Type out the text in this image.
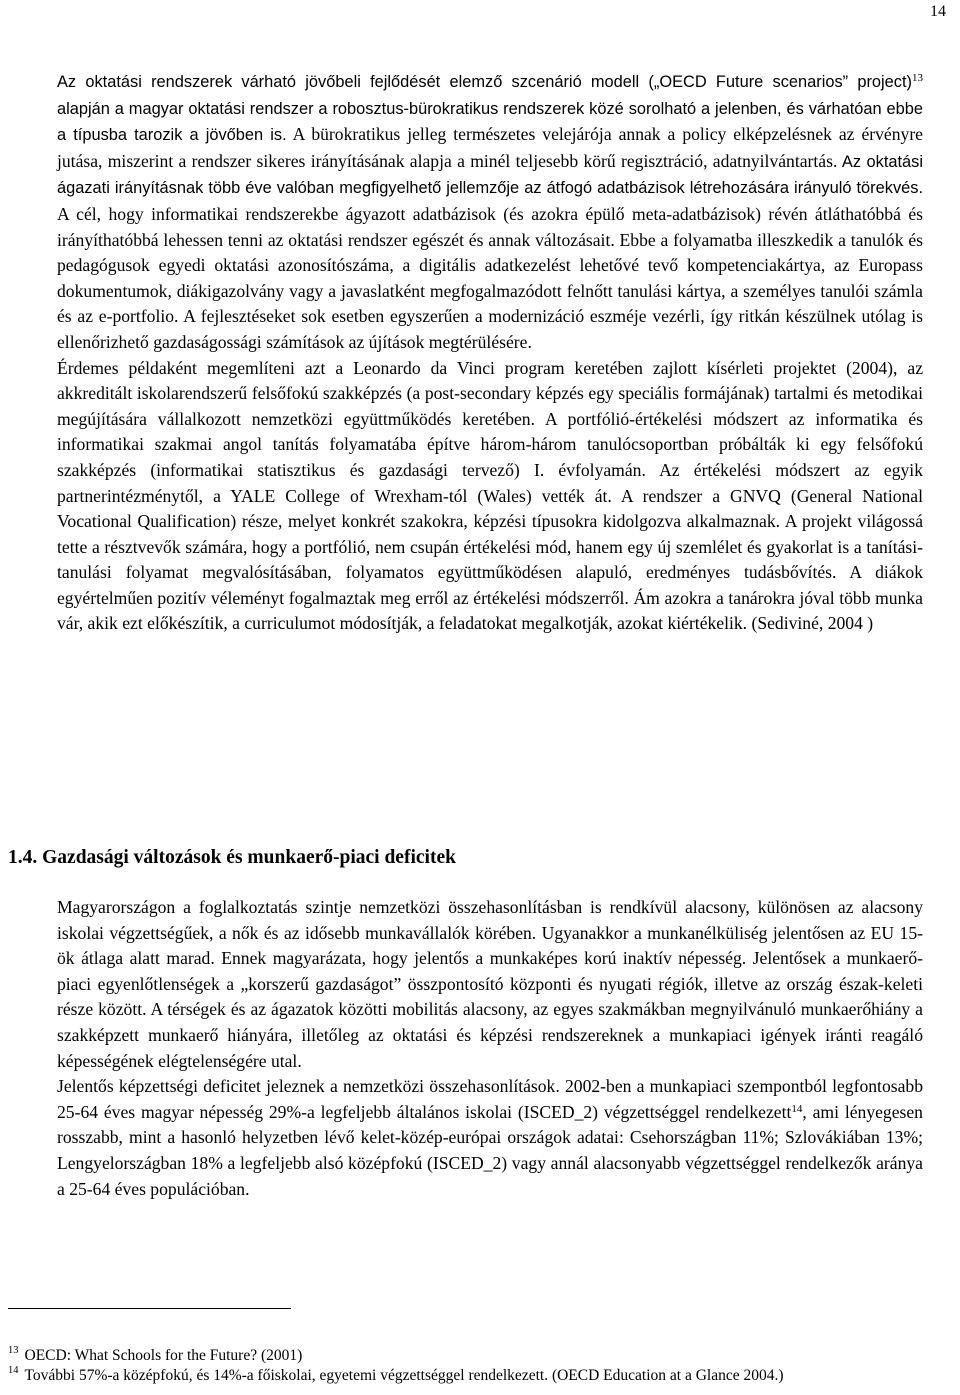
14

Az oktatási rendszerek várható jövőbeli fejlődését elemző szcenárió modell („OECD Future scenarios” project)$^{13}$ alapján a magyar oktatási rendszer a robosztus-bürokratikus rendszerek közé sorolható a jelenben, és várhatóan ebbe a típusba tarozik a jövőben is. A bürokratikus jelleg természetes velejárója annak a policy elképzelésnek az érvényre jutása, miszerint a rendszer sikeres irányításának alapja a minél teljesebb körű regisztráció, adatnyilvántartás. Az oktatási ágazati irányításnak több éve valóban megfigyelhető jellemzője az átfogó adatbázisok létrehozására irányuló törekvés. A cél, hogy informatikai rendszerekbe ágyazott adatbázisok (és azokra épülő meta-adatbázisok) révén átláthatóbbá és irányíthatóbbá lehessen tenni az oktatási rendszer egészét és annak változásait. Ebbe a folyamatba illeszkedik a tanulók és pedagógusok egyedi oktatási azonosítószáma, a digitális adatkezelést lehetővé tevő kompetenciakártya, az Europass dokumentumok, diákigazolvány vagy a javaslatként megfogalmazódott felnőtt tanulási kártya, a személyes tanulói számla és az e-portfolio. A fejlesztéseket sok esetben egyszerűen a modernizáció eszméje vezérli, így ritkán készülnek utólag is ellenőrizhető gazdaságossági számítások az újítások megtérülésére.

Érdemes példaként megemlíteni azt a Leonardo da Vinci program keretében zajlott kísérleti projektet (2004), az akkreditált iskolarendszerű felsőfokú szakképzés (a post-secondary képzés egy speciális formájának) tartalmi és metodikai megújítására vállalkozott nemzetközi együttműködés keretében. A portfólió-értékelési módszert az informatika és informatikai szakmai angol tanítás folyamatába építve három-három tanulócsoportban próbálták ki egy felsőfokú szakképzés (informatikai statisztikus és gazdasági tervező) I. évfolyamán. Az értékelési módszert az egyik partnerintézménytől, a YALE College of Wrexham-tól (Wales) vették át. A rendszer a GNVQ (General National Vocational Qualification) része, melyet konkrét szakokra, képzési típusokra kidolgozva alkalmaznak. A projekt világossá tette a résztvevők számára, hogy a portfólió, nem csupán értékelési mód, hanem egy új szemlélet és gyakorlat is a tanítási-tanulási folyamat megvalósításában, folyamatos együttműködésen alapuló, eredményes tudásbővítés. A diákok egyértelműen pozitív véleményt fogalmaztak meg erről az értékelési módszerről. Ám azokra a tanárokra jóval több munka vár, akik ezt előkészítik, a curriculumot módosítják, a feladatokat megalkotják, azokat kiértékelik. (Sediviné, 2004 )

1.4. Gazdasági változások és munkaerő-piaci deficitek

Magyarországon a foglalkoztatás szintje nemzetközi összehasonlításban is rendkívül alacsony, különösen az alacsony iskolai végzettségűek, a nők és az idősebb munkavállalók körében. Ugyanakkor a munkanélküliség jelentősen az EU 15-ök átlaga alatt marad. Ennek magyarázata, hogy jelentős a munkaképes korú inaktív népesség. Jelentősek a munkaerő-piaci egyenlőtlenségek a „korszerű gazdaságot” összpontosító központi és nyugati régiók, illetve az ország észak-keleti része között. A térségek és az ágazatok közötti mobilitás alacsony, az egyes szakmákban megnyilvánuló munkaerőhiány a szakképzett munkaerő hiányára, illetőleg az oktatási és képzési rendszereknek a munkapiaci igények iránti reagáló képességének elégtelenségére utal.

Jelentős képzettségi deficitet jeleznek a nemzetközi összehasonlítások. 2002-ben a munkapiaci szempontból legfontosabb 25-64 éves magyar népesség 29%-a legfeljebb általános iskolai (ISCED_2) végzettséggel rendelkezett$^{14}$, ami lényegesen rosszabb, mint a hasonló helyzetben lévő kelet-közép-európai országok adatai: Csehországban 11%; Szlovákiában 13%; Lengyelországban 18% a legfeljebb alsó középfokú (ISCED_2) vagy annál alacsonyabb végzettséggel rendelkezők aránya a 25-64 éves populációban.

$^{13}$ OECD: What Schools for the Future? (2001)

$^{14}$ További 57%-a középfokú, és 14%-a főiskolai, egyetemi végzettséggel rendelkezett. (OECD Education at a Glance 2004.)
